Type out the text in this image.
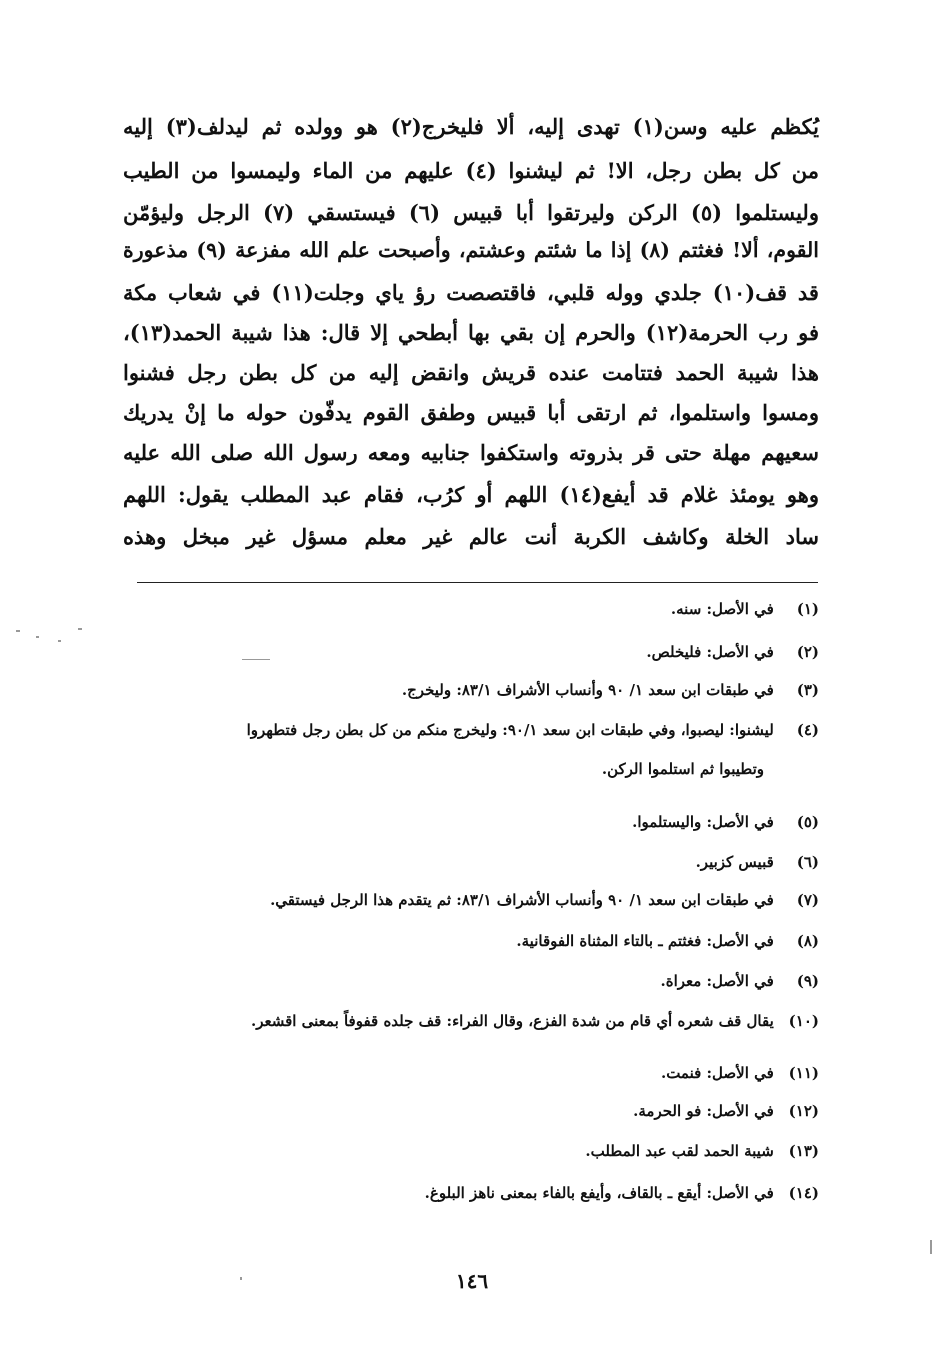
يُكظم عليه وسن(١) تهدى إليه، ألا فليخرج(٢) هو وولده ثم ليدلف(٣) إليه
من كل بطن رجل، الا! ثم ليشنوا (٤) عليهم من الماء وليمسوا من الطيب
وليستلموا (٥) الركن وليرتقوا أبا قبيس (٦) فيستسقي (٧) الرجل وليؤمّن
القوم، ألا! فغثتم (٨) إذا ما شئتم وعشتم، وأصبحت علم الله مفزعة (٩) مذعورة
قد قف(١٠) جلدي ووله قلبي، فاقتصصت رؤ ياي وجلت(١١) في شعاب مكة
فو رب الحرمة(١٢) والحرم إن بقي بها أبطحي إلا قال: هذا شيبة الحمد(١٣)،
هذا شيبة الحمد فتتامت عنده قريش وانقض إليه من كل بطن رجل فشنوا
ومسوا واستلموا، ثم ارتقى أبا قبيس وطفق القوم يدفّون حوله ما إنْ يدريك
سعيهم مهلة حتى قر بذروته واستكفوا جنابيه ومعه رسول الله صلى الله عليه
وهو يومئذ غلام قد أيفع(١٤) اللهم أو كرُب، فقام عبد المطلب يقول: اللهم
ساد الخلة وكاشف الكربة أنت عالم غير معلم مسؤل غير مبخل وهذه
(١) في الأصل: سنه.
(٢) في الأصل: فليخلص.
(٣) في طبقات ابن سعد ١/ ٩٠ وأنساب الأشراف ٨٣/١: وليخرج.
(٤) ليشنوا: ليصبوا، وفي طبقات ابن سعد ٩٠/١: وليخرج منكم من كل بطن رجل فتطهروا
وتطيبوا ثم استلموا الركن.
(٥) في الأصل: واليستلموا.
(٦) قبيس كزبير.
(٧) في طبقات ابن سعد ١/ ٩٠ وأنساب الأشراف ٨٣/١: ثم يتقدم هذا الرجل فيستقي.
(٨) في الأصل: فغثتم ـ بالتاء المثناة الفوقانية.
(٩) في الأصل: معراة.
(١٠) يقال قف شعره أي قام من شدة الفزع، وقال الفراء: قف جلده قفوفاً بمعنى اقشعر.
(١١) في الأصل: فنمت.
(١٢) في الأصل: فو الحرمة.
(١٣) شيبة الحمد لقب عبد المطلب.
(١٤) في الأصل: أيقع ـ بالقاف، وأيفع بالفاء بمعنى ناهز البلوغ.
١٤٦
